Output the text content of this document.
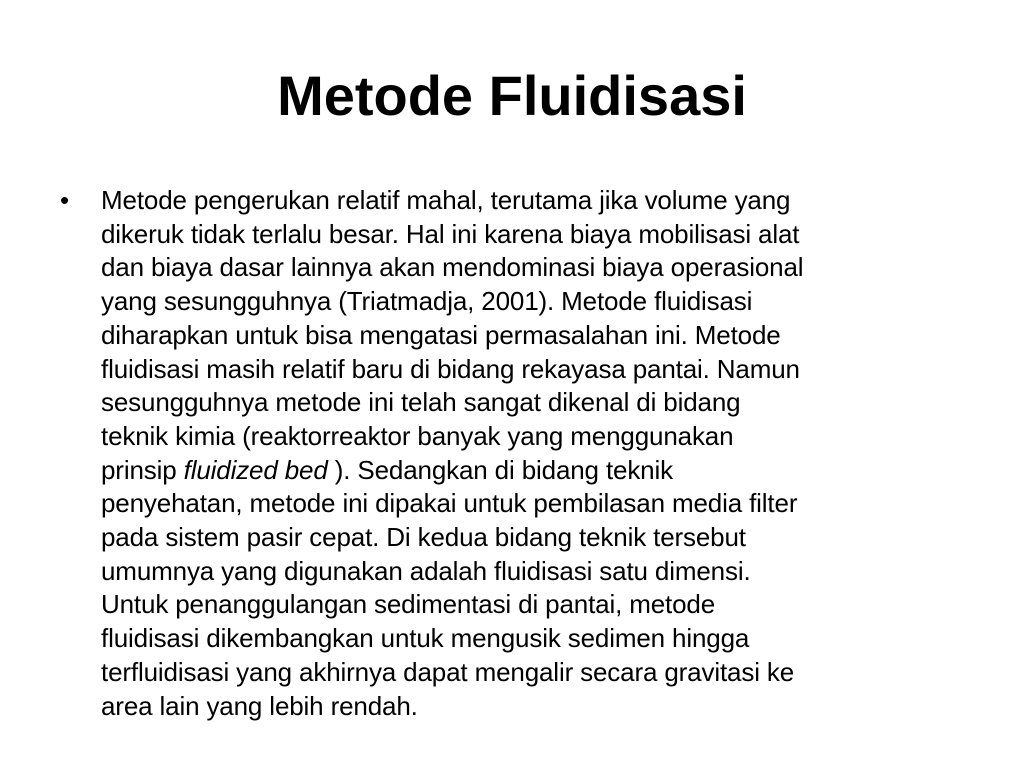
Metode Fluidisasi
• Metode pengerukan relatif mahal, terutama jika volume yang
dikeruk tidak terlalu besar. Hal ini karena biaya mobilisasi alat
dan biaya dasar lainnya akan mendominasi biaya operasional
yang sesungguhnya (Triatmadja, 2001). Metode fluidisasi
diharapkan untuk bisa mengatasi permasalahan ini. Metode
fluidisasi masih relatif baru di bidang rekayasa pantai. Namun
sesungguhnya metode ini telah sangat dikenal di bidang
teknik kimia (reaktorreaktor banyak yang menggunakan
prinsip fluidized bed ). Sedangkan di bidang teknik
penyehatan, metode ini dipakai untuk pembilasan media filter
pada sistem pasir cepat. Di kedua bidang teknik tersebut
umumnya yang digunakan adalah fluidisasi satu dimensi.
Untuk penanggulangan sedimentasi di pantai, metode
fluidisasi dikembangkan untuk mengusik sedimen hingga
terfluidisasi yang akhirnya dapat mengalir secara gravitasi ke
area lain yang lebih rendah.
